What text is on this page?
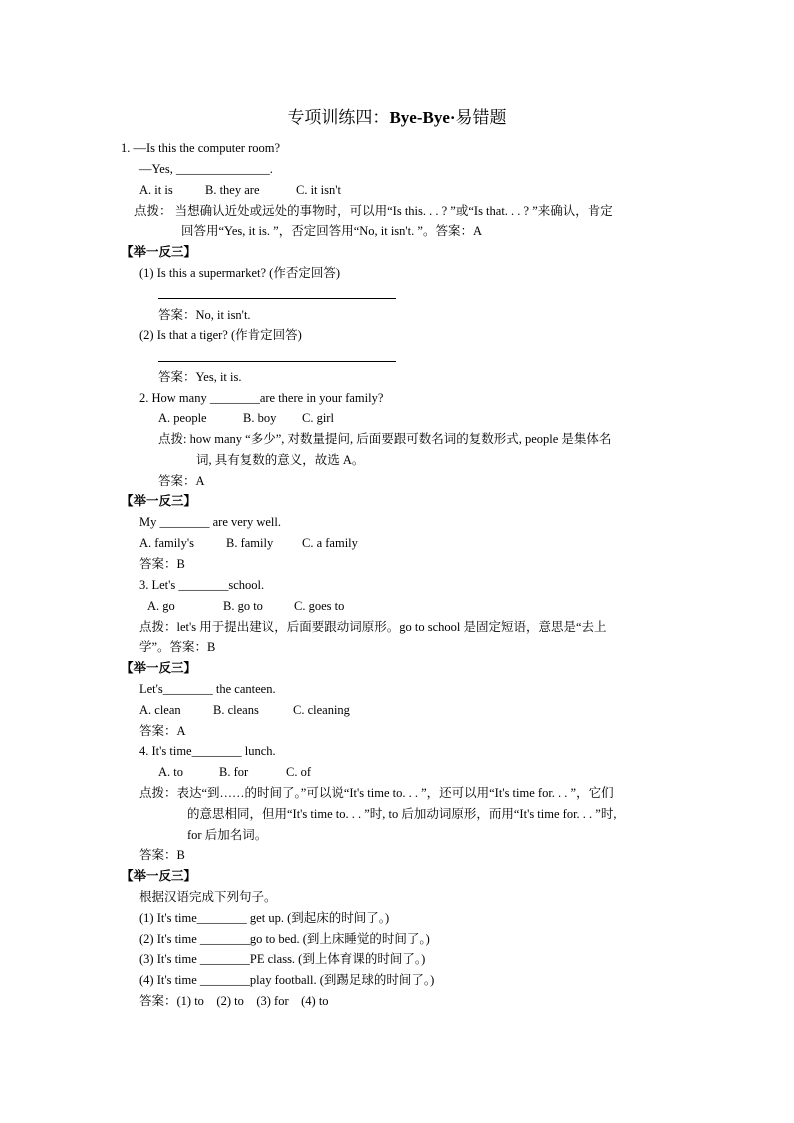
专项训练四：Bye-Bye·易错题
1. —Is this the computer room?
—Yes, _______________.
A. it is	B. they are	C. it isn't
点拨： 当想确认近处或远处的事物时，可以用“Is this. . . ? ”或“Is that. . . ? ”来确认，肯定
回答用“Yes, it is. ”，否定回答用“No, it isn't. ”。答案：A
【举一反三】
(1) Is this a supermarket? (作否定回答)
答案：No, it isn't.
(2) Is that a tiger? (作肯定回答)
答案：Yes, it is.
2. How many ________are there in your family?
A. people	B. boy C. girl
点拨: how many “多少”, 对数量提问, 后面要跟可数名词的复数形式, people 是集体名
词, 具有复数的意义，故选 A。
答案：A
【举一反三】
My ________ are very well.
A. family's	B. family C. a family
答案：B
3. Let's ________school.
A. go	B. go to C. goes to
点拨：let's 用于提出建议，后面要跟动词原形。go to school 是固定短语，意思是“去上
学”。答案：B
【举一反三】
Let's________ the canteen.
A. clean	B. cleans	C. cleaning
答案：A
4. It's time________ lunch.
A. to	B. for	C. of
点拨：表达“到……的时间了。”可以说“It's time to. . . ”，还可以用“It's time for. . . ”，它们
的意思相同，但用“It's time to. . . ”时, to 后加动词原形，而用“It's time for. . . ”时,
for 后加名词。
答案：B
【举一反三】
根据汉语完成下列句子。
(1) It's time________ get up. (到起床的时间了。)
(2) It's time ________go to bed. (到上床睡觉的时间了。)
(3) It's time ________PE class. (到上体育课的时间了。)
(4) It's time ________play football. (到踢足球的时间了。)
答案：(1) to    (2) to    (3) for    (4) to
